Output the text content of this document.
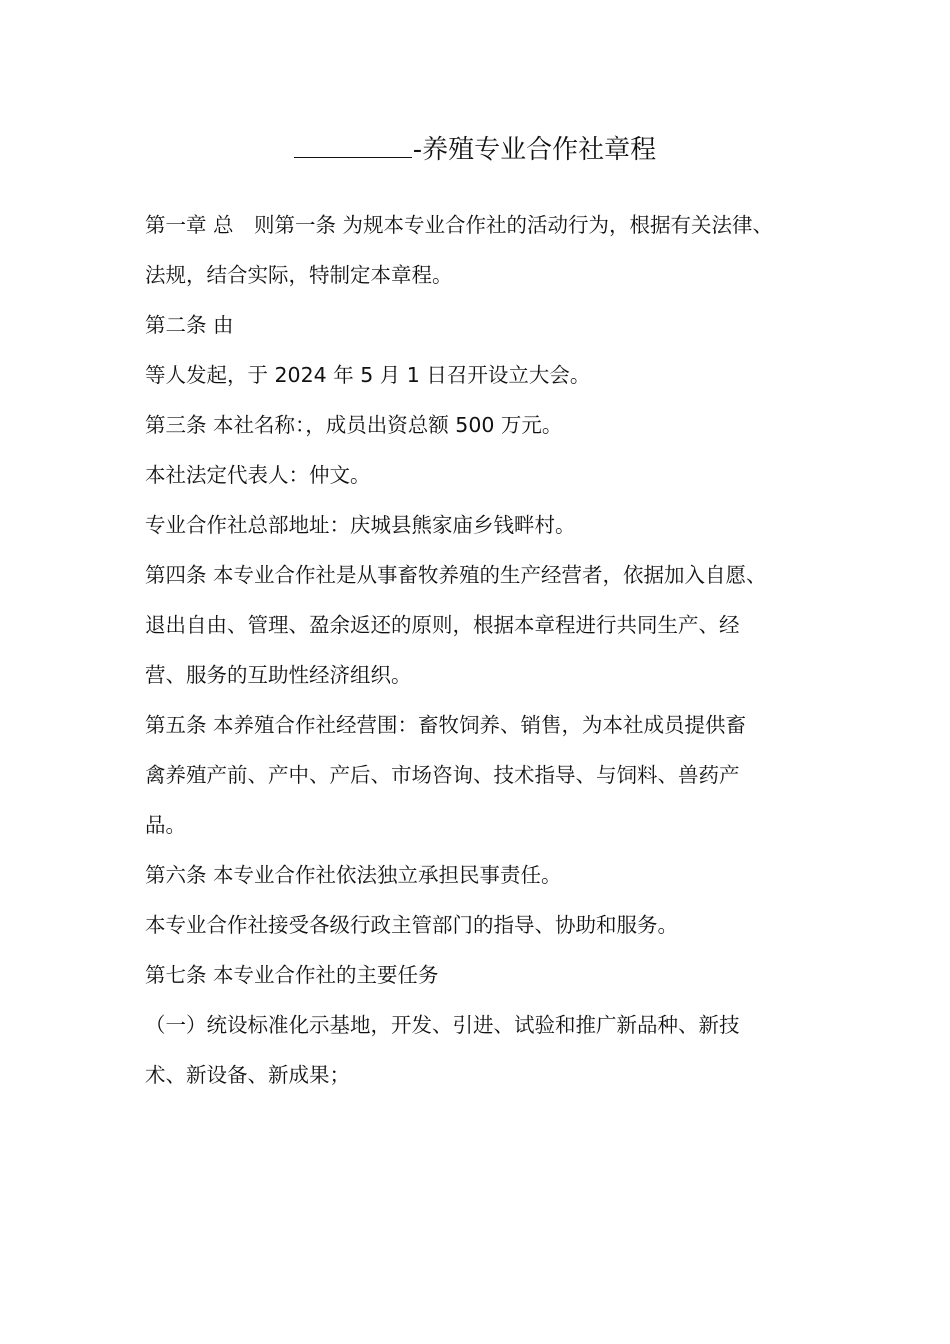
-养殖专业合作社章程
第一章 总　则第一条 为规本专业合作社的活动行为，根据有关法律、
法规，结合实际，特制定本章程。
第二条 由
等人发起，于 2024 年 5 月 1 日召开设立大会。
第三条 本社名称：，成员出资总额 500 万元。
本社法定代表人：仲文。
专业合作社总部地址：庆城县熊家庙乡钱畔村。
第四条 本专业合作社是从事畜牧养殖的生产经营者，依据加入自愿、
退出自由、管理、盈余返还的原则，根据本章程进行共同生产、经
营、服务的互助性经济组织。
第五条 本养殖合作社经营围：畜牧饲养、销售，为本社成员提供畜
禽养殖产前、产中、产后、市场咨询、技术指导、与饲料、兽药产
品。
第六条 本专业合作社依法独立承担民事责任。
本专业合作社接受各级行政主管部门的指导、协助和服务。
第七条 本专业合作社的主要任务
（一）统设标准化示基地，开发、引进、试验和推广新品种、新技
术、新设备、新成果；
